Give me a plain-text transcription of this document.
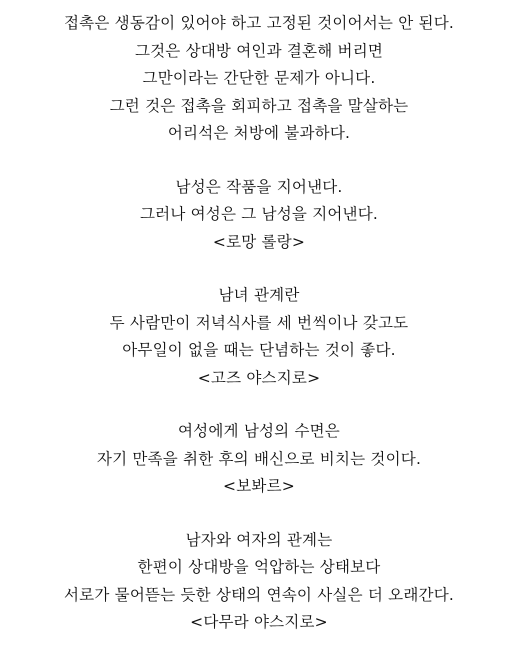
접촉은 생동감이 있어야 하고 고정된 것이어서는 안 된다.
그것은 상대방 여인과 결혼해 버리면
그만이라는 간단한 문제가 아니다.
그런 것은 접촉을 회피하고 접촉을 말살하는
어리석은 처방에 불과하다.
남성은 작품을 지어낸다.
그러나 여성은 그 남성을 지어낸다.
<로망 롤랑>
남녀 관계란
두 사람만이 저녁식사를 세 번씩이나 갖고도
아무일이 없을 때는 단념하는 것이 좋다.
<고즈 야스지로>
여성에게 남성의 수면은
자기 만족을 취한 후의 배신으로 비치는 것이다.
<보봐르>
남자와 여자의 관계는
한편이 상대방을 억압하는 상태보다
서로가 물어뜯는 듯한 상태의 연속이 사실은 더 오래간다.
<다무라 야스지로>
